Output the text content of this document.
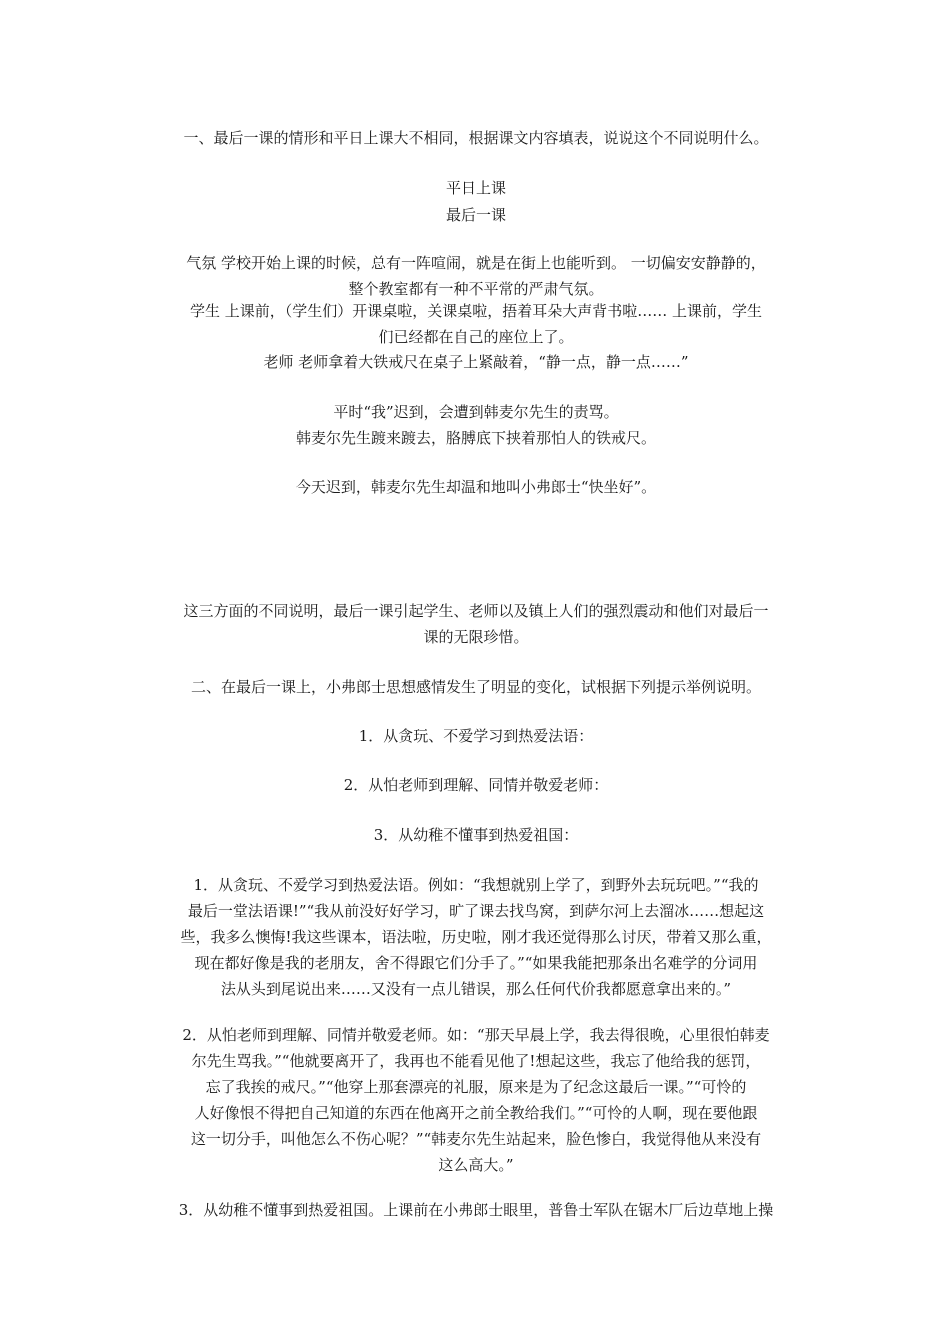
一、最后一课的情形和平日上课大不相同，根据课文内容填表，说说这个不同说明什么。

平日上课
最后一课

气氛 学校开始上课的时候，总有一阵喧闹，就是在街上也能听到。 一切偏安安静静的，
整个教室都有一种不平常的严肃气氛。

学生 上课前，（学生们）开课桌啦，关课桌啦，捂着耳朵大声背书啦…… 上课前，学生
们已经都在自己的座位上了。

老师 老师拿着大铁戒尺在桌子上紧敲着，“静一点，静一点……”

平时“我”迟到，会遭到韩麦尔先生的责骂。
韩麦尔先生踱来踱去，胳膊底下挟着那怕人的铁戒尺。

今天迟到，韩麦尔先生却温和地叫小弗郎士“快坐好”。

这三方面的不同说明，最后一课引起学生、老师以及镇上人们的强烈震动和他们对最后一
课的无限珍惜。

二、在最后一课上，小弗郎士思想感情发生了明显的变化，试根据下列提示举例说明。

1．从贪玩、不爱学习到热爱法语：

2．从怕老师到理解、同情并敬爱老师：

3．从幼稚不懂事到热爱祖国：

1．从贪玩、不爱学习到热爱法语。例如：“我想就别上学了，到野外去玩玩吧。”“我的
最后一堂法语课!”“我从前没好好学习，旷了课去找鸟窝，到萨尔河上去溜冰……想起这
些，我多么懊悔!我这些课本，语法啦，历史啦，刚才我还觉得那么讨厌，带着又那么重，
现在都好像是我的老朋友，舍不得跟它们分手了。”“如果我能把那条出名难学的分词用
法从头到尾说出来……又没有一点儿错误，那么任何代价我都愿意拿出来的。”

2．从怕老师到理解、同情并敬爱老师。如：“那天早晨上学，我去得很晚，心里很怕韩麦
尔先生骂我。”“他就要离开了，我再也不能看见他了!想起这些，我忘了他给我的惩罚，
忘了我挨的戒尺。”“他穿上那套漂亮的礼服，原来是为了纪念这最后一课。”“可怜的
人好像恨不得把自己知道的东西在他离开之前全教给我们。”“可怜的人啊，现在要他跟
这一切分手，叫他怎么不伤心呢？”“韩麦尔先生站起来，脸色惨白，我觉得他从来没有
这么高大。”

3．从幼稚不懂事到热爱祖国。上课前在小弗郎士眼里，普鲁士军队在锯木厂后边草地上操
